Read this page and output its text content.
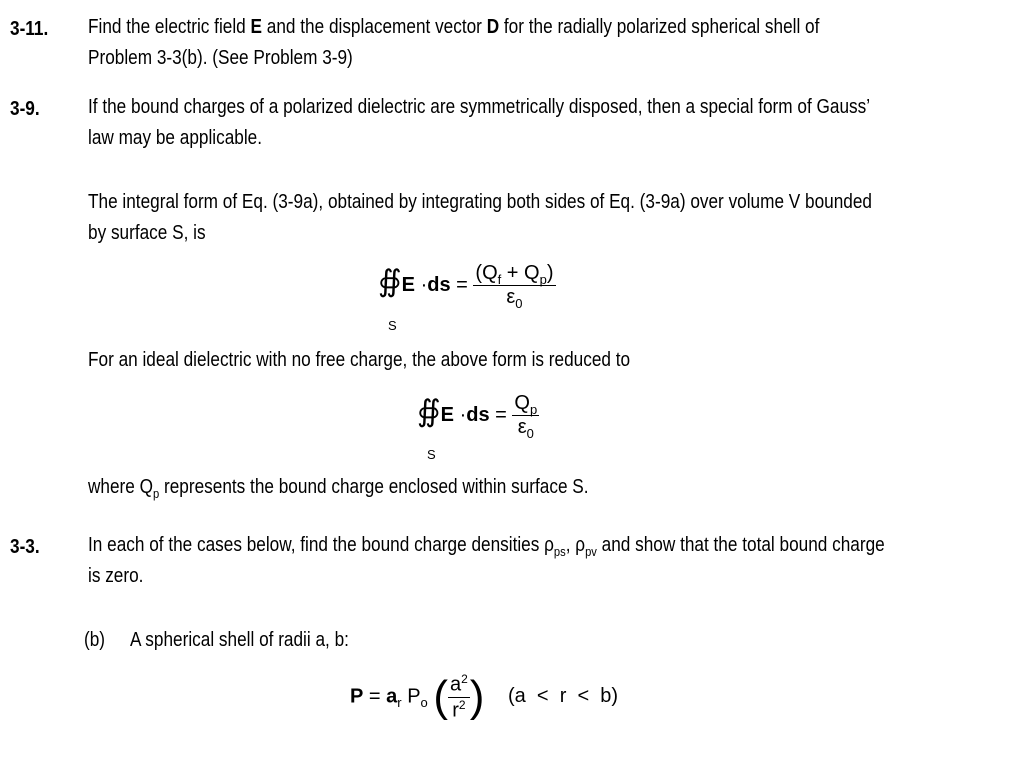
3-11. Find the electric field E and the displacement vector D for the radially polarized spherical shell of
Problem 3-3(b). (See Problem 3-9)
3-9. If the bound charges of a polarized dielectric are symmetrically disposed, then a special form of Gauss’
law may be applicable.
The integral form of Eq. (3-9a), obtained by integrating both sides of Eq. (3-9a) over volume V bounded
by surface S, is
∯E $\cdot ds = \frac{(Q_f + Q_p)}{\varepsilon_0}$
S
For an ideal dielectric with no free charge, the above form is reduced to
∯E $\cdot ds = \frac{Q_p}{\varepsilon_0}$
S
where $Q_p$ represents the bound charge enclosed within surface S.
3-3. In each of the cases below, find the bound charge densities $\rho_{ps}$, $\rho_{pv}$ and show that the total bound charge
is zero.
(b) A spherical shell of radii a, b:
$P = a_r$ $P_o$ ( $\frac{a^2}{r^2}$ ) (a  <  r  <  b)
